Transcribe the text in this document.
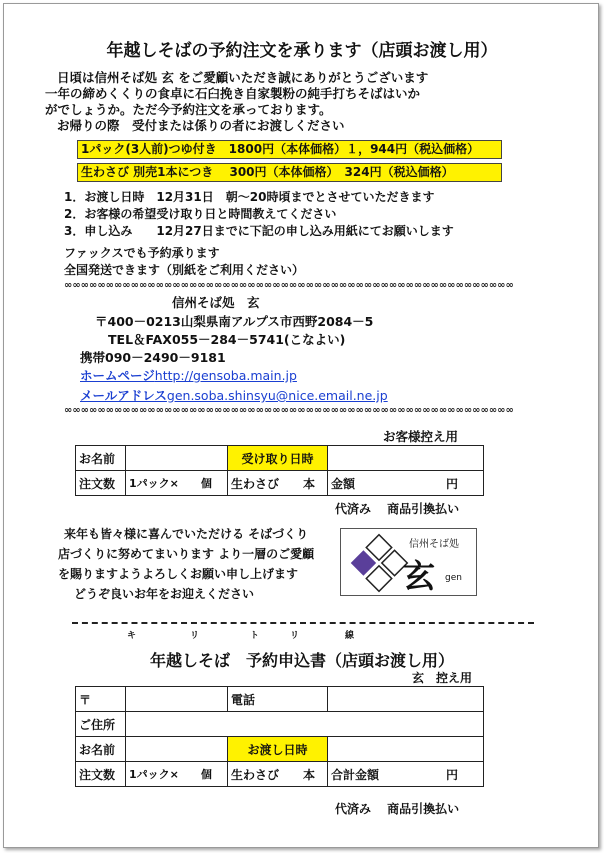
年越しそばの予約注文を承ります（店頭お渡し用）
日頃は信州そば処 玄 をご愛顧いただき誠にありがとうございます
一年の締めくくりの食卓に石臼挽き自家製粉の純手打ちそばはいか
がでしょうか。ただ今予約注文を承っております。
お帰りの際　受付または係りの者にお渡しください
1パック(3人前)つゆ付き　1800円（本体価格）１，944円（税込価格）
生わさび 別売1本につき　 300円（本体価格）　324円（税込価格）
1．お渡し日時　12月31日　朝～20時頃までとさせていただきます
2．お客様の希望受け取り日と時間教えてください
3．申し込み　　12月27日までに下記の申し込み用紙にてお願いします
ファックスでも予約承ります
全国発送できます（別紙をご利用ください）
∞∞∞∞∞∞∞∞∞∞∞∞∞∞∞∞∞∞∞∞∞∞∞∞∞∞∞∞∞∞∞∞∞∞∞∞∞∞∞∞∞∞∞∞∞∞∞∞∞∞∞∞∞∞
信州そば処　玄
〒400－0213山梨県南アルプス市西野2084－5
TEL＆FAX055－284－5741(こなよい)
携帯090－2490－9181
ホームページhttp://gensoba.main.jp
メールアドレスgen.soba.shinsyu@nice.email.ne.jp
∞∞∞∞∞∞∞∞∞∞∞∞∞∞∞∞∞∞∞∞∞∞∞∞∞∞∞∞∞∞∞∞∞∞∞∞∞∞∞∞∞∞∞∞∞∞∞∞∞∞∞∞∞∞
お客様控え用
お名前		受け取り日時	
注文数	1パック×　　個	生わさび　　本	金額 円
代済み　 商品引換払い
来年も皆々様に喜んでいただける そばづくり
店づくりに努めてまいります より一層のご愛顧
を賜りますようよろしくお願い申し上げます
どうぞ良いお年をお迎えください
信州そば処
玄 gen
キ	リ	ト	リ	線
年越しそば　予約申込書（店頭お渡し用）
玄　控え用
〒		電話	
ご住所			
お名前		お渡し日時	
注文数	1パック×　　個	生わさび　　本	合計金額 円
代済み　 商品引換払い
